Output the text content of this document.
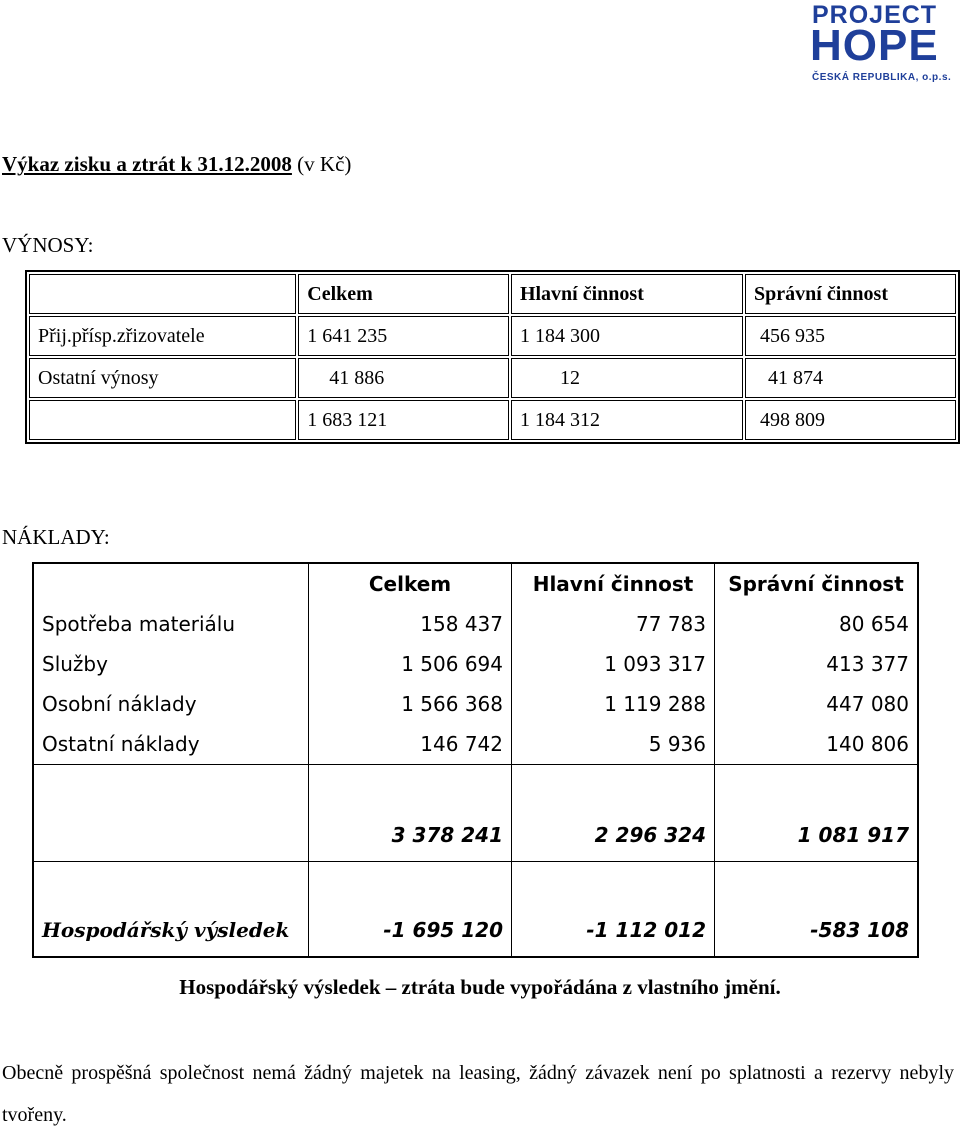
PROJECT
HOPE
ČESKÁ REPUBLIKA, o.p.s.
Výkaz zisku a ztrát k 31.12.2008 (v Kč)
VÝNOSY:
	Celkem	Hlavní činnost	Správní činnost
Přij.přísp.zřizovatele	1 641 235	1 184 300	456 935
Ostatní výnosy	41 886	12	41 874
	1 683 121	1 184 312	498 809
NÁKLADY:
	Celkem	Hlavní činnost	Správní činnost
Spotřeba materiálu	158 437	77 783	80 654
Služby	1 506 694	1 093 317	413 377
Osobní náklady	1 566 368	1 119 288	447 080
Ostatní náklady	146 742	5 936	140 806
	3 378 241	2 296 324	1 081 917
Hospodářský výsledek	-1 695 120	-1 112 012	-583 108
Hospodářský výsledek – ztráta bude vypořádána z vlastního jmění.
Obecně prospěšná společnost nemá žádný majetek na leasing, žádný závazek není po splatnosti a rezervy nebyly tvořeny.
